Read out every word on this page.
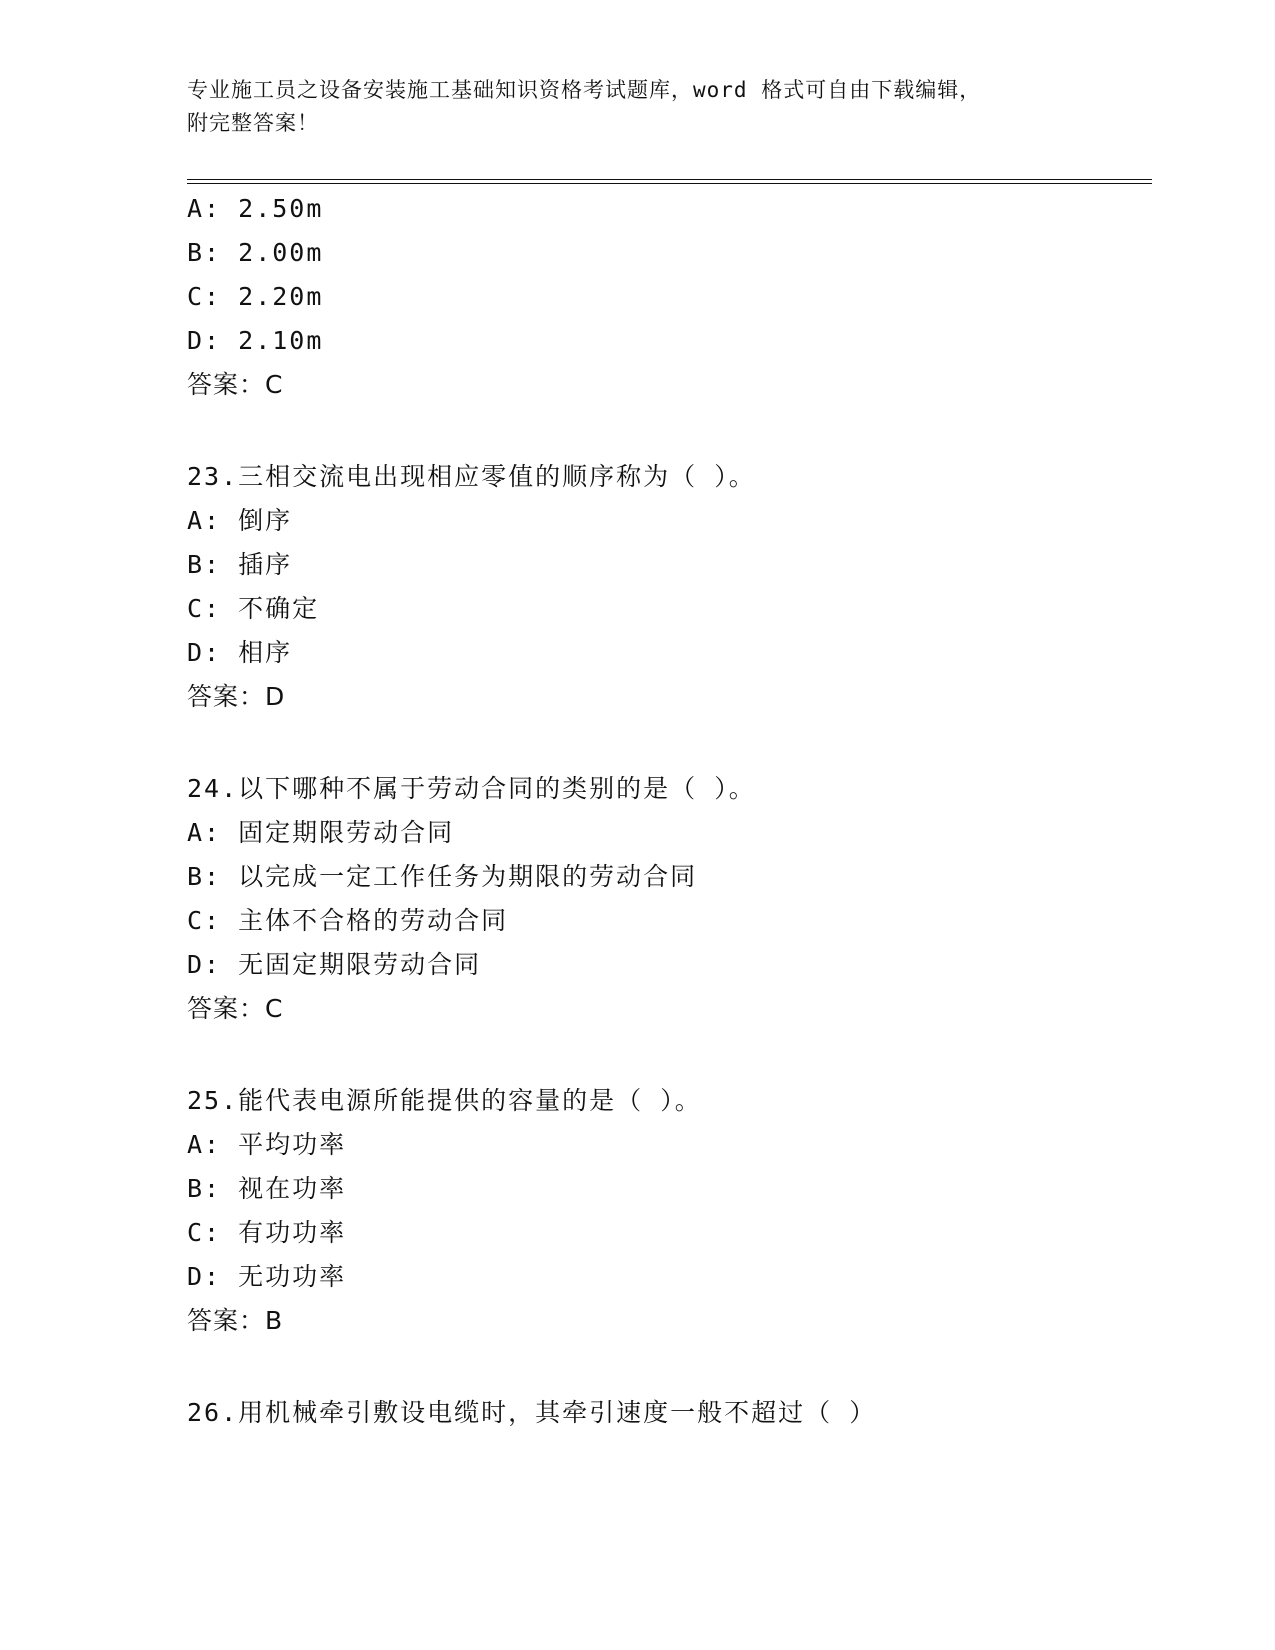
专业施工员之设备安装施工基础知识资格考试题库，word 格式可自由下载编辑，
附完整答案！
A: 2.50m
B: 2.00m
C: 2.20m
D: 2.10m
答案：C
23.三相交流电出现相应零值的顺序称为（ ）。
A: 倒序
B: 插序
C: 不确定
D: 相序
答案：D
24.以下哪种不属于劳动合同的类别的是（ ）。
A: 固定期限劳动合同
B: 以完成一定工作任务为期限的劳动合同
C: 主体不合格的劳动合同
D: 无固定期限劳动合同
答案：C
25.能代表电源所能提供的容量的是（ ）。
A: 平均功率
B: 视在功率
C: 有功功率
D: 无功功率
答案：B
26.用机械牵引敷设电缆时，其牵引速度一般不超过（ ）
